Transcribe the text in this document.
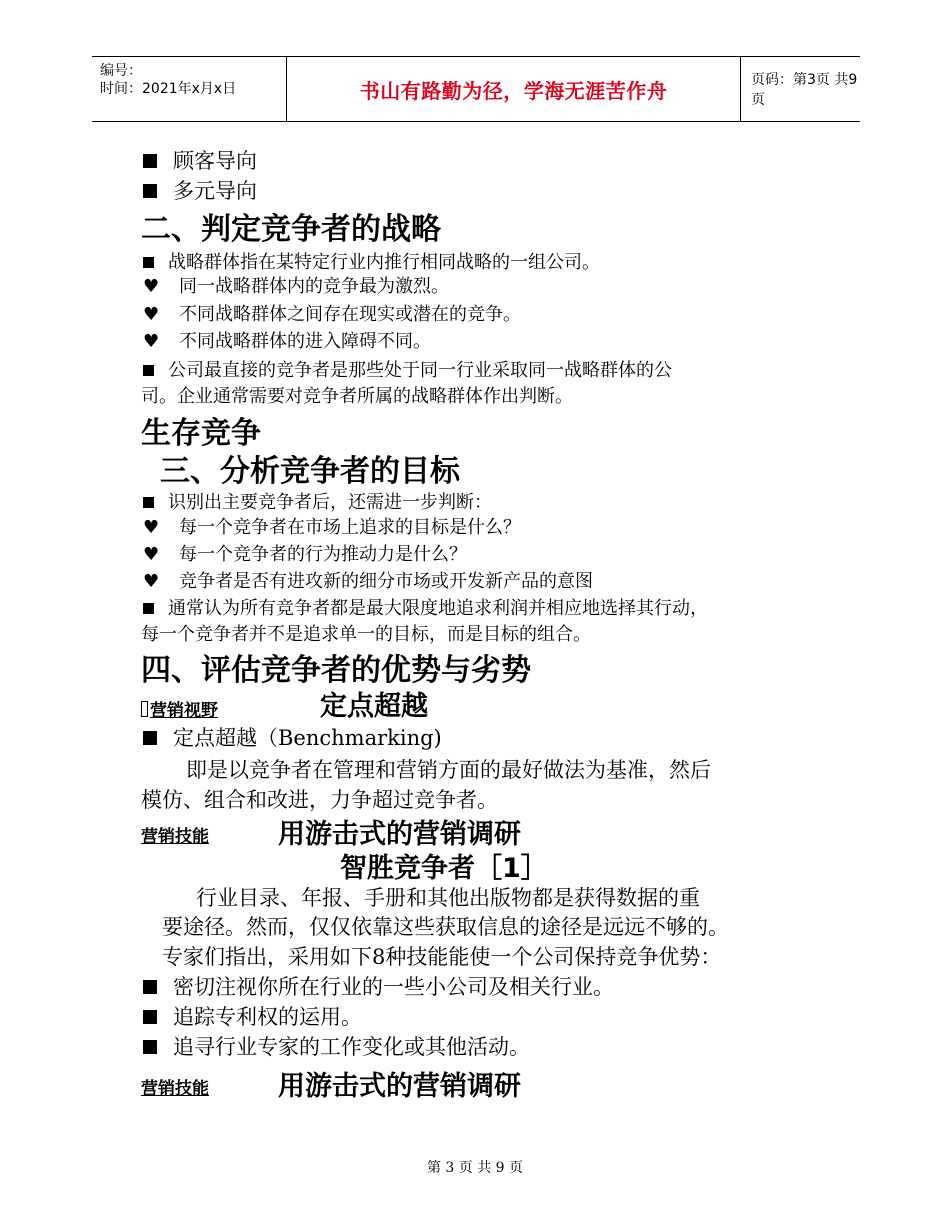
编号：
时间：2021年x月x日	书山有路勤为径，学海无涯苦作舟	页码：第3页 共9页
顾客导向
多元导向
二、判定竞争者的战略
战略群体指在某特定行业内推行相同战略的一组公司。
♥ 同一战略群体内的竞争最为激烈。
♥ 不同战略群体之间存在现实或潜在的竞争。
♥ 不同战略群体的进入障碍不同。
公司最直接的竞争者是那些处于同一行业采取同一战略群体的公
司。企业通常需要对竞争者所属的战略群体作出判断。
生存竞争
三、分析竞争者的目标
识别出主要竞争者后，还需进一步判断：
♥ 每一个竞争者在市场上追求的目标是什么？
♥ 每一个竞争者的行为推动力是什么？
♥ 竞争者是否有进攻新的细分市场或开发新产品的意图
通常认为所有竞争者都是最大限度地追求利润并相应地选择其行动，
每一个竞争者并不是追求单一的目标，而是目标的组合。
四、评估竞争者的优势与劣势
营销视野	定点超越
定点超越（Benchmarking)
即是以竞争者在管理和营销方面的最好做法为基准，然后
模仿、组合和改进，力争超过竞争者。
营销技能	用游击式的营销调研
智胜竞争者［1］
行业目录、年报、手册和其他出版物都是获得数据的重
要途径。然而，仅仅依靠这些获取信息的途径是远远不够的。
专家们指出，采用如下8种技能能使一个公司保持竞争优势：
密切注视你所在行业的一些小公司及相关行业。
追踪专利权的运用。
追寻行业专家的工作变化或其他活动。
营销技能	用游击式的营销调研
第 3 页 共 9 页
